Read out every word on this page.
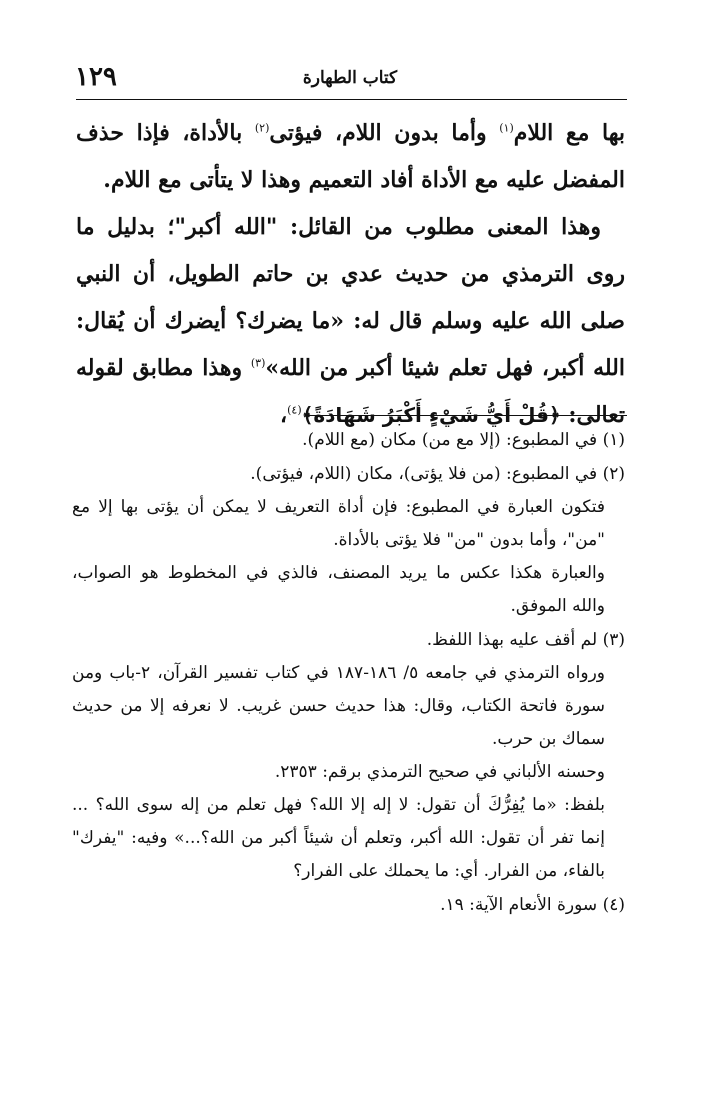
كتاب الطهارة
١٢٩

بها مع اللام$^{(١)}$ وأما بدون اللام، فيؤتى$^{(٢)}$ بالأداة، فإذا حذف المفضل عليه مع الأداة أفاد التعميم وهذا لا يتأتى مع اللام.

وهذا المعنى مطلوب من القائل: "الله أكبر"؛ بدليل ما روى الترمذي من حديث عدي بن حاتم الطويل، أن النبي صلى الله عليه وسلم قال له: «ما يضرك؟ أيضرك أن يُقال: الله أكبر، فهل تعلم شيئا أكبر من الله»$^{(٣)}$ وهذا مطابق لقوله تعالى: ﴿قُلْ أَيُّ شَيْءٍ أَكْبَرُ شَهَادَةً﴾$^{(٤)}$،

(١) في المطبوع: (إلا مع من) مكان (مع اللام).

(٢) في المطبوع: (من فلا يؤتى)، مكان (اللام، فيؤتى).

فتكون العبارة في المطبوع: فإن أداة التعريف لا يمكن أن يؤتى بها إلا مع "من"، وأما بدون "من" فلا يؤتى بالأداة.

والعبارة هكذا عكس ما يريد المصنف، فالذي في المخطوط هو الصواب، والله الموفق.

(٣) لم أقف عليه بهذا اللفظ.

ورواه الترمذي في جامعه ٥/ ١٨٦-١٨٧ في كتاب تفسير القرآن، ٢-باب ومن سورة فاتحة الكتاب، وقال: هذا حديث حسن غريب. لا نعرفه إلا من حديث سماك بن حرب.

وحسنه الألباني في صحيح الترمذي برقم: ٢٣٥٣.

بلفظ: «ما يُفِرُّكَ أن تقول: لا إله إلا الله؟ فهل تعلم من إله سوى الله؟ ... إنما تفر أن تقول: الله أكبر، وتعلم أن شيئاً أكبر من الله؟...» وفيه: "يفرك" بالفاء، من الفرار. أي: ما يحملك على الفرار؟

(٤) سورة الأنعام الآية: ١٩.
